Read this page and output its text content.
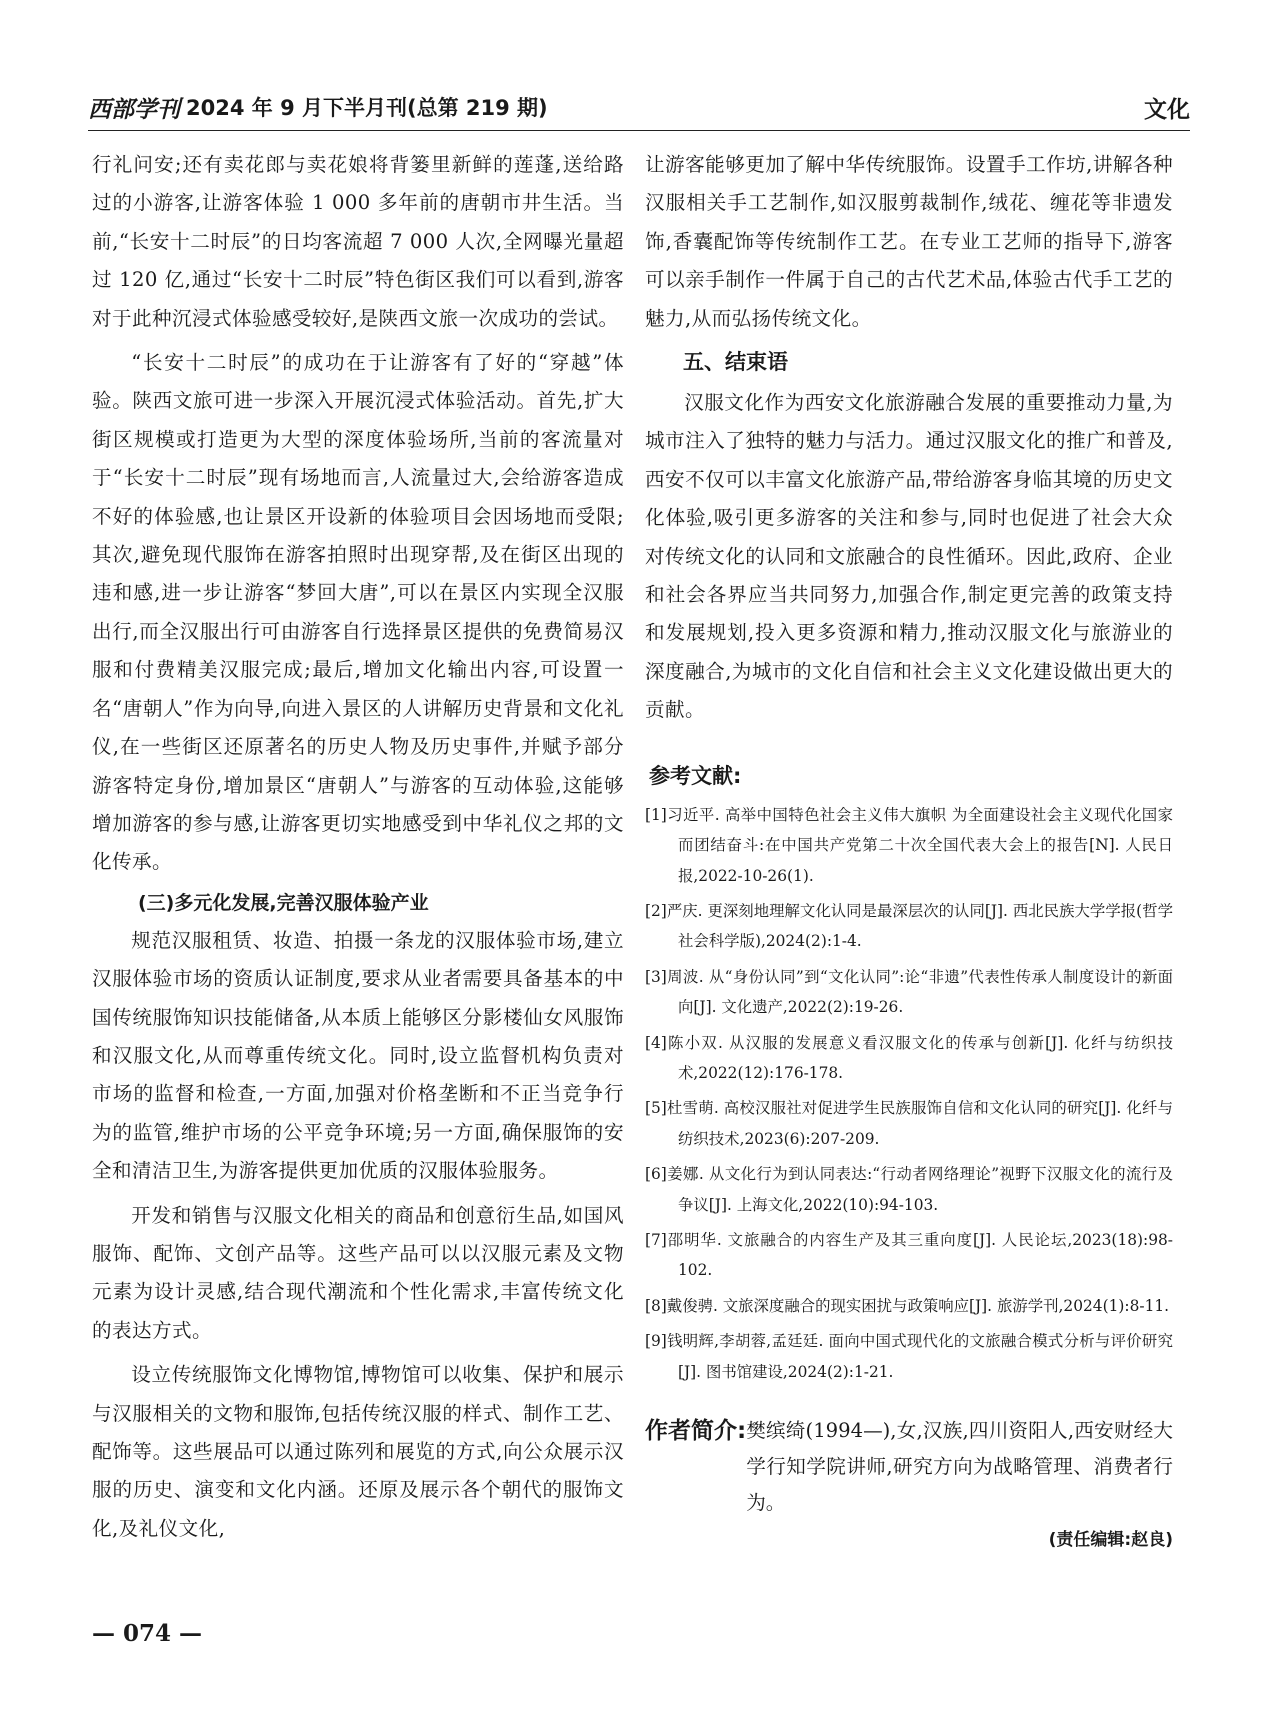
西部学刊 2024 年 9 月下半月刊(总第 219 期)	文化

行礼问安;还有卖花郎与卖花娘将背篓里新鲜的莲蓬,送给路过的小游客,让游客体验 1 000 多年前的唐朝市井生活。当前,“长安十二时辰”的日均客流超 7 000 人次,全网曝光量超过 120 亿,通过“长安十二时辰”特色街区我们可以看到,游客对于此种沉浸式体验感受较好,是陕西文旅一次成功的尝试。

“长安十二时辰”的成功在于让游客有了好的“穿越”体验。陕西文旅可进一步深入开展沉浸式体验活动。首先,扩大街区规模或打造更为大型的深度体验场所,当前的客流量对于“长安十二时辰”现有场地而言,人流量过大,会给游客造成不好的体验感,也让景区开设新的体验项目会因场地而受限;其次,避免现代服饰在游客拍照时出现穿帮,及在街区出现的违和感,进一步让游客“梦回大唐”,可以在景区内实现全汉服出行,而全汉服出行可由游客自行选择景区提供的免费简易汉服和付费精美汉服完成;最后,增加文化输出内容,可设置一名“唐朝人”作为向导,向进入景区的人讲解历史背景和文化礼仪,在一些街区还原著名的历史人物及历史事件,并赋予部分游客特定身份,增加景区“唐朝人”与游客的互动体验,这能够增加游客的参与感,让游客更切实地感受到中华礼仪之邦的文化传承。

(三)多元化发展,完善汉服体验产业

规范汉服租赁、妆造、拍摄一条龙的汉服体验市场,建立汉服体验市场的资质认证制度,要求从业者需要具备基本的中国传统服饰知识技能储备,从本质上能够区分影楼仙女风服饰和汉服文化,从而尊重传统文化。同时,设立监督机构负责对市场的监督和检查,一方面,加强对价格垄断和不正当竞争行为的监管,维护市场的公平竞争环境;另一方面,确保服饰的安全和清洁卫生,为游客提供更加优质的汉服体验服务。

开发和销售与汉服文化相关的商品和创意衍生品,如国风服饰、配饰、文创产品等。这些产品可以以汉服元素及文物元素为设计灵感,结合现代潮流和个性化需求,丰富传统文化的表达方式。

设立传统服饰文化博物馆,博物馆可以收集、保护和展示与汉服相关的文物和服饰,包括传统汉服的样式、制作工艺、配饰等。这些展品可以通过陈列和展览的方式,向公众展示汉服的历史、演变和文化内涵。还原及展示各个朝代的服饰文化,及礼仪文化,

让游客能够更加了解中华传统服饰。设置手工作坊,讲解各种汉服相关手工艺制作,如汉服剪裁制作,绒花、缠花等非遗发饰,香囊配饰等传统制作工艺。在专业工艺师的指导下,游客可以亲手制作一件属于自己的古代艺术品,体验古代手工艺的魅力,从而弘扬传统文化。

五、结束语

汉服文化作为西安文化旅游融合发展的重要推动力量,为城市注入了独特的魅力与活力。通过汉服文化的推广和普及,西安不仅可以丰富文化旅游产品,带给游客身临其境的历史文化体验,吸引更多游客的关注和参与,同时也促进了社会大众对传统文化的认同和文旅融合的良性循环。因此,政府、企业和社会各界应当共同努力,加强合作,制定更完善的政策支持和发展规划,投入更多资源和精力,推动汉服文化与旅游业的深度融合,为城市的文化自信和社会主义文化建设做出更大的贡献。

参考文献:

[1]习近平. 高举中国特色社会主义伟大旗帜 为全面建设社会主义现代化国家而团结奋斗:在中国共产党第二十次全国代表大会上的报告[N]. 人民日报,2022-10-26(1).

[2]严庆. 更深刻地理解文化认同是最深层次的认同[J]. 西北民族大学学报(哲学社会科学版),2024(2):1-4.

[3]周波. 从“身份认同”到“文化认同”:论“非遗”代表性传承人制度设计的新面向[J]. 文化遗产,2022(2):19-26.

[4]陈小双. 从汉服的发展意义看汉服文化的传承与创新[J]. 化纤与纺织技术,2022(12):176-178.

[5]杜雪萌. 高校汉服社对促进学生民族服饰自信和文化认同的研究[J]. 化纤与纺织技术,2023(6):207-209.

[6]姜娜. 从文化行为到认同表达:“行动者网络理论”视野下汉服文化的流行及争议[J]. 上海文化,2022(10):94-103.

[7]邵明华. 文旅融合的内容生产及其三重向度[J]. 人民论坛,2023(18):98-102.

[8]戴俊骋. 文旅深度融合的现实困扰与政策响应[J]. 旅游学刊,2024(1):8-11.

[9]钱明辉,李胡蓉,孟廷廷. 面向中国式现代化的文旅融合模式分析与评价研究[J]. 图书馆建设,2024(2):1-21.

作者简介: 樊缤绮(1994—),女,汉族,四川资阳人,西安财经大学行知学院讲师,研究方向为战略管理、消费者行为。

(责任编辑:赵良)
— 074 —
